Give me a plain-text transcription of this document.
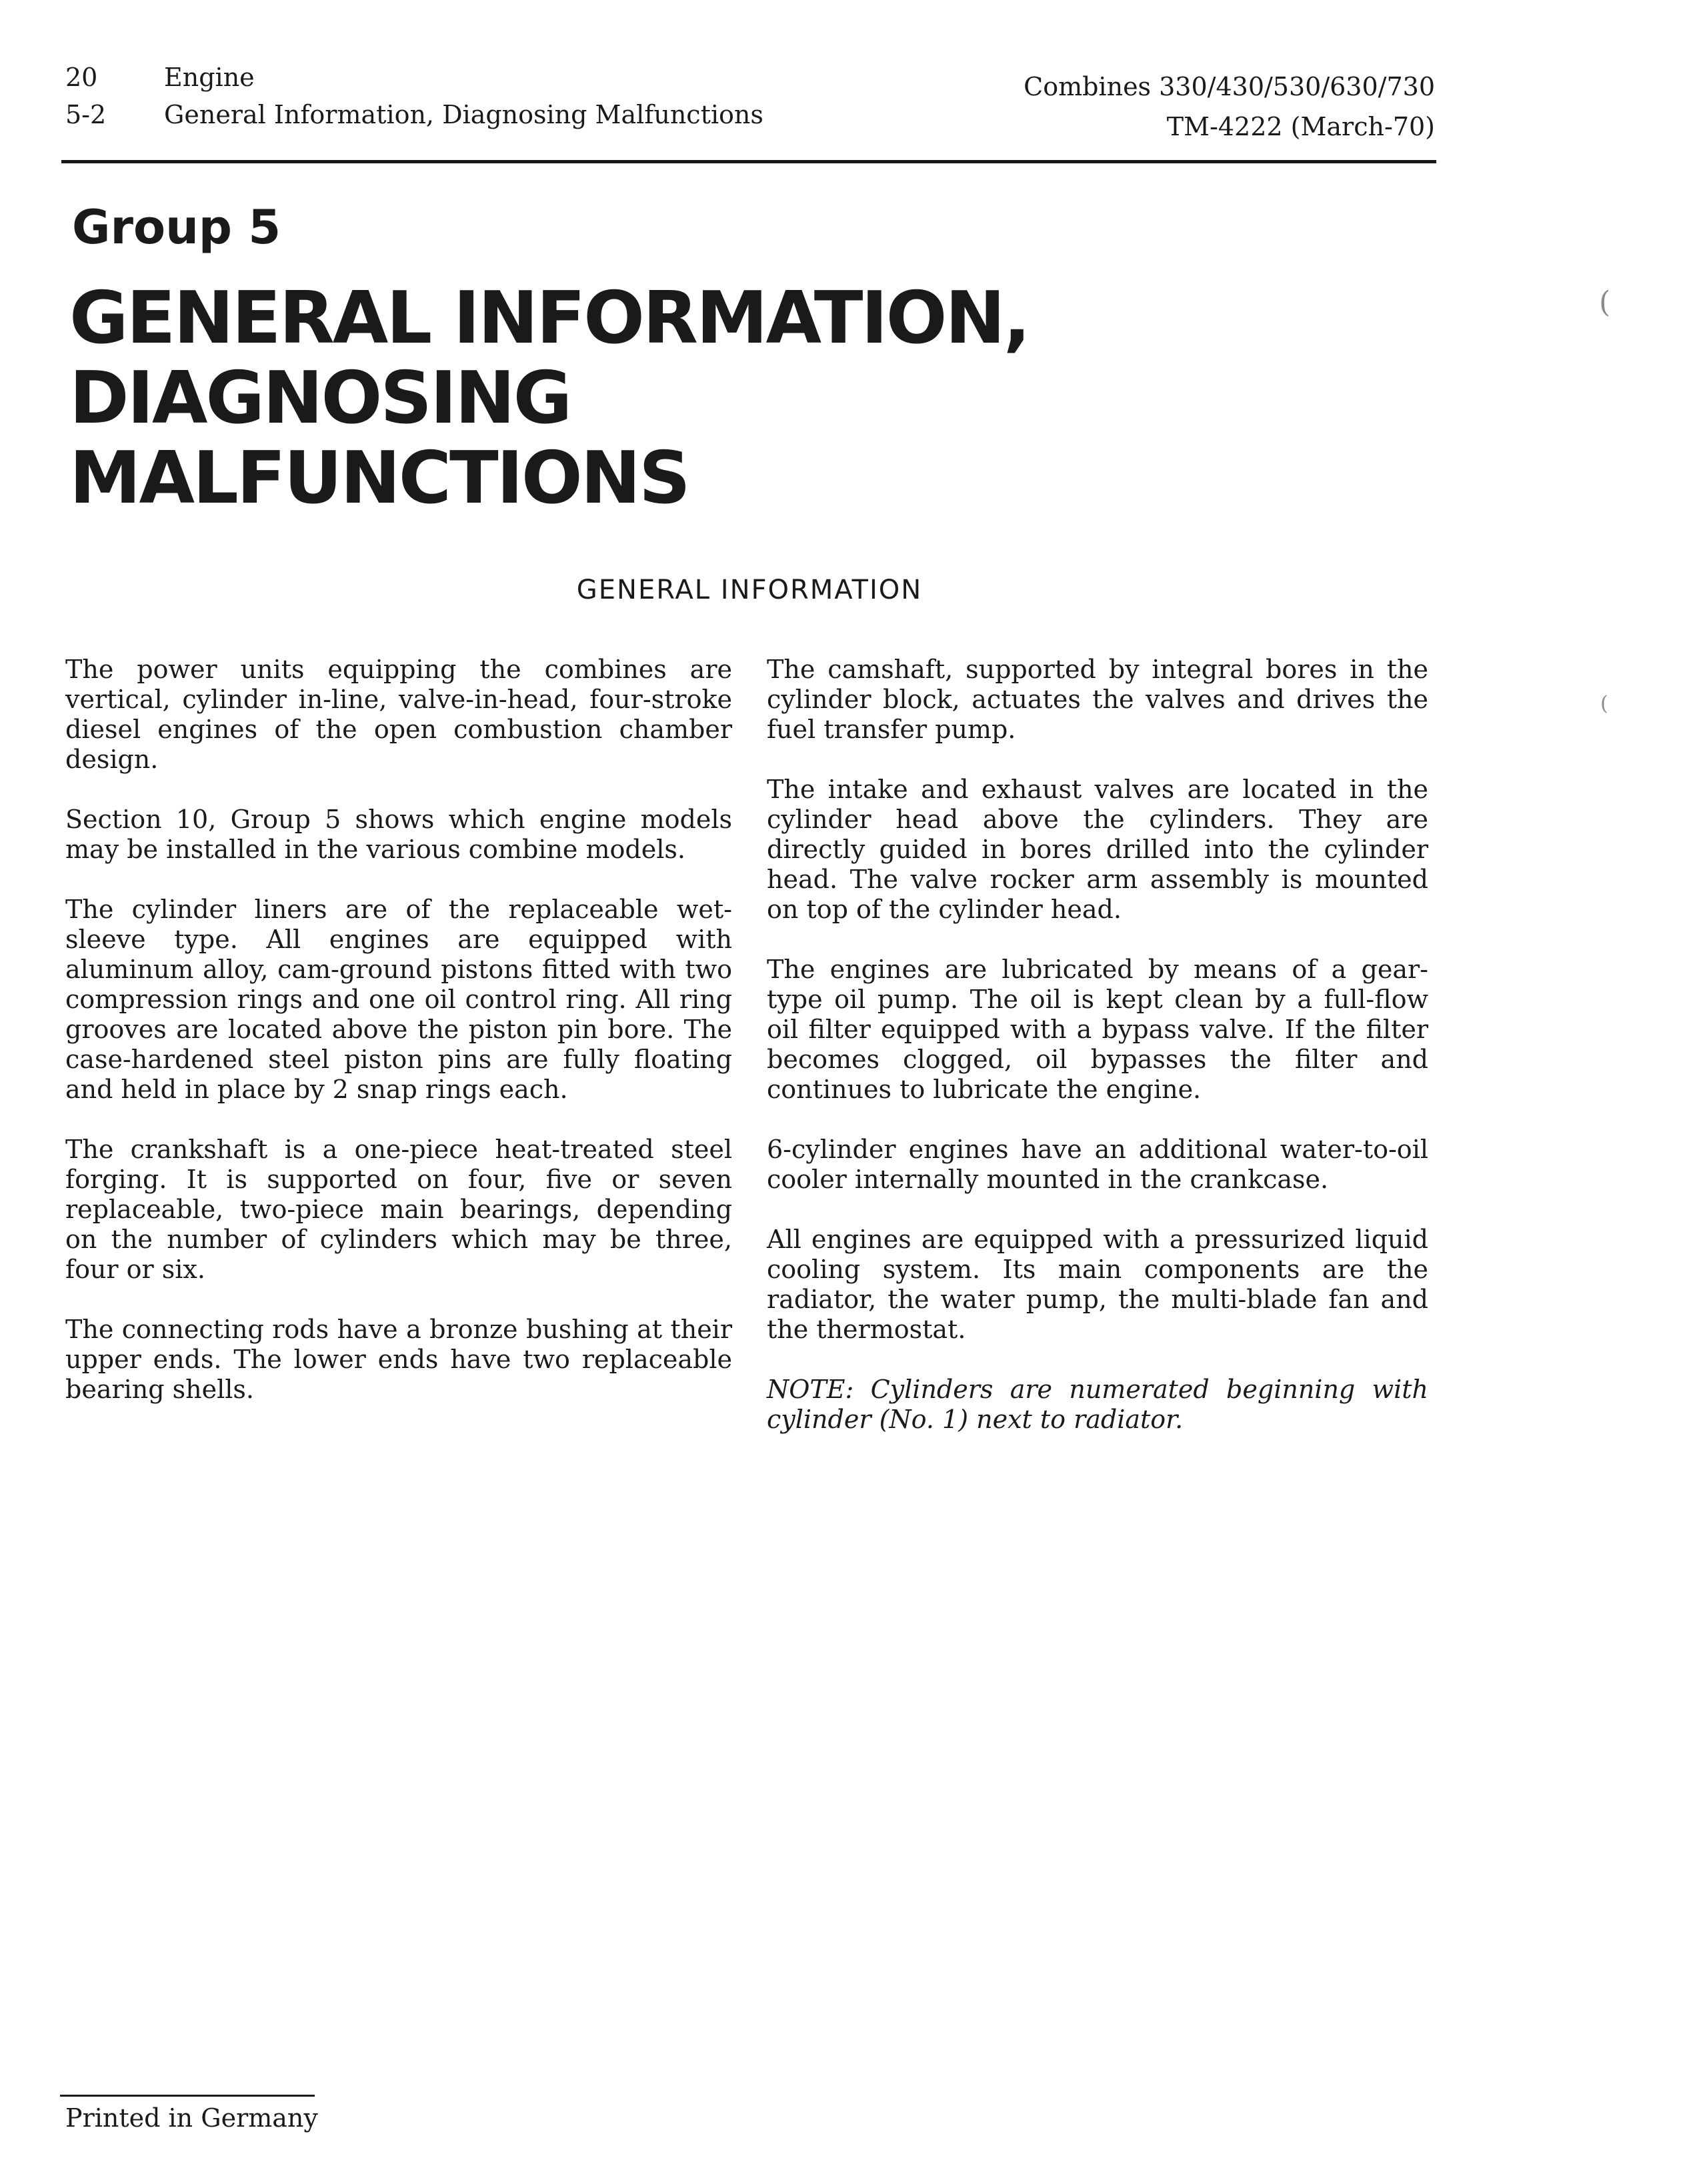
20	Engine
5-2	General Information, Diagnosing Malfunctions
Combines 330/430/530/630/730
TM-4222 (March-70)
Group 5
GENERAL INFORMATION,
DIAGNOSING
MALFUNCTIONS
GENERAL INFORMATION

The power units equipping the combines are vertical, cylinder in-line, valve-in-head, four-stroke diesel engines of the open combustion chamber design.

Section 10, Group 5 shows which engine models may be installed in the various combine models.

The cylinder liners are of the replaceable wet-sleeve type. All engines are equipped with aluminum alloy, cam-ground pistons fitted with two compression rings and one oil control ring. All ring grooves are located above the piston pin bore. The case-hardened steel piston pins are fully floating and held in place by 2 snap rings each.

The crankshaft is a one-piece heat-treated steel forging. It is supported on four, five or seven replaceable, two-piece main bearings, depending on the number of cylinders which may be three, four or six.

The connecting rods have a bronze bushing at their upper ends. The lower ends have two replaceable bearing shells.

The camshaft, supported by integral bores in the cylinder block, actuates the valves and drives the fuel transfer pump.

The intake and exhaust valves are located in the cylinder head above the cylinders. They are directly guided in bores drilled into the cylinder head. The valve rocker arm assembly is mounted on top of the cylinder head.

The engines are lubricated by means of a gear-type oil pump. The oil is kept clean by a full-flow oil filter equipped with a bypass valve. If the filter becomes clogged, oil bypasses the filter and continues to lubricate the engine.

6-cylinder engines have an additional water-to-oil cooler internally mounted in the crankcase.

All engines are equipped with a pressurized liquid cooling system. Its main components are the radiator, the water pump, the multi-blade fan and the thermostat.

NOTE: Cylinders are numerated beginning with cylinder (No. 1) next to radiator.

(
(
Printed in Germany
